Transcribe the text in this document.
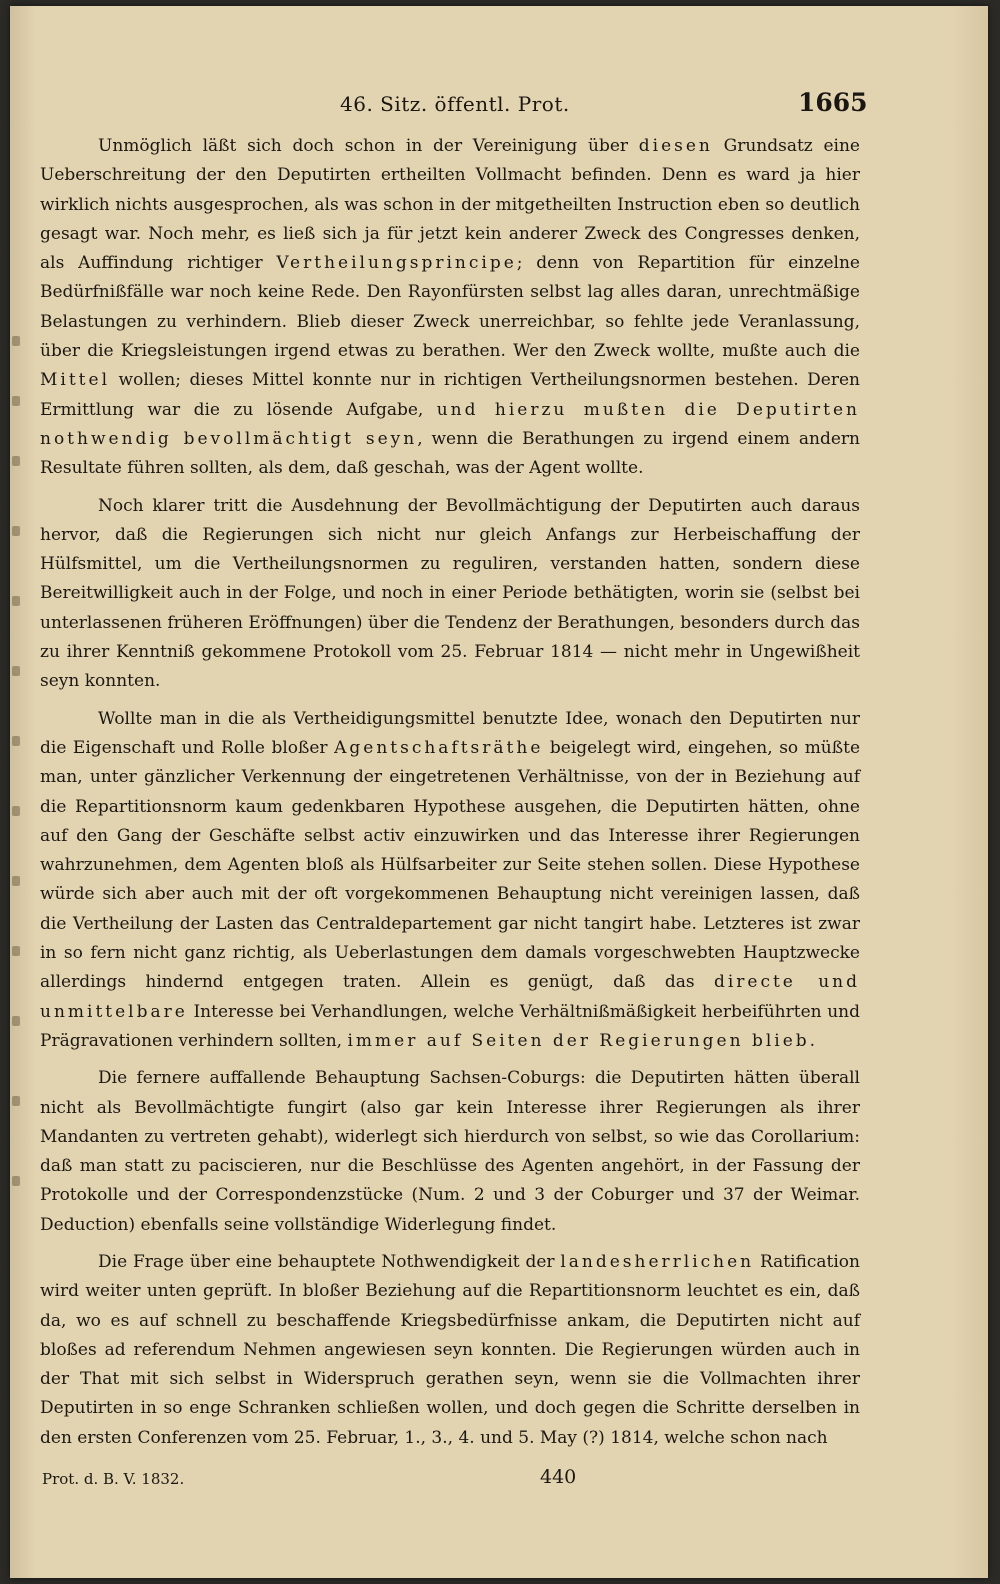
46. Sitz. öffentl. Prot.	1665

Unmöglich läßt sich doch schon in der Vereinigung über diesen Grundsatz eine Ueberschreitung der den Deputirten ertheilten Vollmacht befinden. Denn es ward ja hier wirklich nichts ausgesprochen, als was schon in der mitgetheilten Instruction eben so deutlich gesagt war. Noch mehr, es ließ sich ja für jetzt kein anderer Zweck des Congresses denken, als Auffindung richtiger Vertheilungsprincipe; denn von Repartition für einzelne Bedürfnißfälle war noch keine Rede. Den Rayonfürsten selbst lag alles daran, unrechtmäßige Belastungen zu verhindern. Blieb dieser Zweck unerreichbar, so fehlte jede Veranlassung, über die Kriegsleistungen irgend etwas zu berathen. Wer den Zweck wollte, mußte auch die Mittel wollen; dieses Mittel konnte nur in richtigen Vertheilungsnormen bestehen. Deren Ermittlung war die zu lösende Aufgabe, und hierzu mußten die Deputirten nothwendig bevollmächtigt seyn, wenn die Berathungen zu irgend einem andern Resultate führen sollten, als dem, daß geschah, was der Agent wollte.

Noch klarer tritt die Ausdehnung der Bevollmächtigung der Deputirten auch daraus hervor, daß die Regierungen sich nicht nur gleich Anfangs zur Herbeischaffung der Hülfsmittel, um die Vertheilungsnormen zu reguliren, verstanden hatten, sondern diese Bereitwilligkeit auch in der Folge, und noch in einer Periode bethätigten, worin sie (selbst bei unterlassenen früheren Eröffnungen) über die Tendenz der Berathungen, besonders durch das zu ihrer Kenntniß gekommene Protokoll vom 25. Februar 1814 — nicht mehr in Ungewißheit seyn konnten.

Wollte man in die als Vertheidigungsmittel benutzte Idee, wonach den Deputirten nur die Eigenschaft und Rolle bloßer Agentschaftsräthe beigelegt wird, eingehen, so müßte man, unter gänzlicher Verkennung der eingetretenen Verhältnisse, von der in Beziehung auf die Repartitionsnorm kaum gedenkbaren Hypothese ausgehen, die Deputirten hätten, ohne auf den Gang der Geschäfte selbst activ einzuwirken und das Interesse ihrer Regierungen wahrzunehmen, dem Agenten bloß als Hülfsarbeiter zur Seite stehen sollen. Diese Hypothese würde sich aber auch mit der oft vorgekommenen Behauptung nicht vereinigen lassen, daß die Vertheilung der Lasten das Centraldepartement gar nicht tangirt habe. Letzteres ist zwar in so fern nicht ganz richtig, als Ueberlastungen dem damals vorgeschwebten Hauptzwecke allerdings hindernd entgegen traten. Allein es genügt, daß das directe und unmittelbare Interesse bei Verhandlungen, welche Verhältnißmäßigkeit herbeiführten und Prägravationen verhindern sollten, immer auf Seiten der Regierungen blieb.

Die fernere auffallende Behauptung Sachsen-Coburgs: die Deputirten hätten überall nicht als Bevollmächtigte fungirt (also gar kein Interesse ihrer Regierungen als ihrer Mandanten zu vertreten gehabt), widerlegt sich hierdurch von selbst, so wie das Corollarium: daß man statt zu paciscieren, nur die Beschlüsse des Agenten angehört, in der Fassung der Protokolle und der Correspondenzstücke (Num. 2 und 3 der Coburger und 37 der Weimar. Deduction) ebenfalls seine vollständige Widerlegung findet.

Die Frage über eine behauptete Nothwendigkeit der landesherrlichen Ratification wird weiter unten geprüft. In bloßer Beziehung auf die Repartitionsnorm leuchtet es ein, daß da, wo es auf schnell zu beschaffende Kriegsbedürfnisse ankam, die Deputirten nicht auf bloßes ad referendum Nehmen angewiesen seyn konnten. Die Regierungen würden auch in der That mit sich selbst in Widerspruch gerathen seyn, wenn sie die Vollmachten ihrer Deputirten in so enge Schranken schließen wollen, und doch gegen die Schritte derselben in den ersten Conferenzen vom 25. Februar, 1., 3., 4. und 5. May (?) 1814, welche schon nach

Prot. d. B. V. 1832.	440
